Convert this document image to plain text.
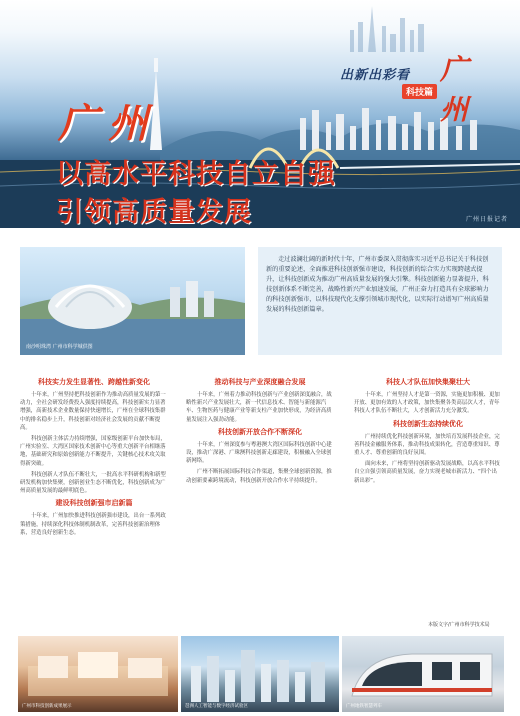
出新出彩看
科技篇
广州
广州
以高水平科技自立自强
引领高质量发展	广州日报记者
南沙明珠湾 广州市科学城供图

走过波澜壮阔的新时代十年，广州市委深入贯彻落实习近平总书记关于科技创新的重要论述，全面推进科技创新强市建设，科技创新的综合实力实现跨越式提升，让科技创新成为推动广州高质量发展的强大引擎。科技创新能力显著提升，科技创新体系不断完善，战略性新兴产业加速发展，广州正奋力打造具有全球影响力的科技创新强市，以科技现代化支撑引领城市现代化，以实际行动谱写广州高质量发展的科技创新篇章。

科技实力发生显著性、跨越性新变化

十年来，广州坚持把科技创新作为推动高质量发展的第一动力，全社会研发经费投入强度持续提高，科技创新实力显著增强，高新技术企业数量保持快速增长，广州在全球科技集群中的排名稳步上升，科技创新对经济社会发展的贡献不断提高。

科技创新主体活力持续增强，国家级创新平台加快布局，广州实验室、大湾区国家技术创新中心等重大创新平台相继落地，基础研究和原始创新能力不断提升，关键核心技术攻关取得新突破。

科技创新人才队伍不断壮大，一批高水平科研机构和新型研发机构加快集聚，创新创业生态不断优化，科技创新成为广州高质量发展的最鲜明底色。

建设科技创新强市启新篇

十年来，广州加快推进科技创新强市建设，出台一系列政策措施，持续深化科技体制机制改革，完善科技创新治理体系，营造良好创新生态。

推动科技与产业深度融合发展

十年来，广州着力推动科技创新与产业创新深度融合，战略性新兴产业发展壮大，新一代信息技术、智能与新能源汽车、生物医药与健康产业等新支柱产业加快形成，为经济高质量发展注入强劲动能。

科技创新开放合作不断深化

十年来，广州深度参与粤港澳大湾区国际科技创新中心建设，推动广深港、广珠澳科技创新走廊建设，积极融入全球创新网络。

广州不断拓展国际科技合作渠道，集聚全球创新资源，推动创新要素跨境流动，科技创新开放合作水平持续提升。

科技人才队伍加快集聚壮大

十年来，广州坚持人才是第一资源，实施更加积极、更加开放、更加有效的人才政策，加快集聚各类高层次人才，青年科技人才队伍不断壮大，人才创新活力充分激发。

科技创新生态持续优化

广州持续优化科技创新环境，加快培育发展科技企业，完善科技金融服务体系，推动科技成果转化，营造尊重知识、尊重人才、尊重创新的良好氛围。

面向未来，广州将坚持创新驱动发展战略，以高水平科技自立自强引领高质量发展，奋力实现老城市新活力、“四个出新出彩”。

本版文字/广州市科学技术局
广州市科技创新成果展示	琶洲人工智能与数字经济试验区	广州地铁智慧列车
